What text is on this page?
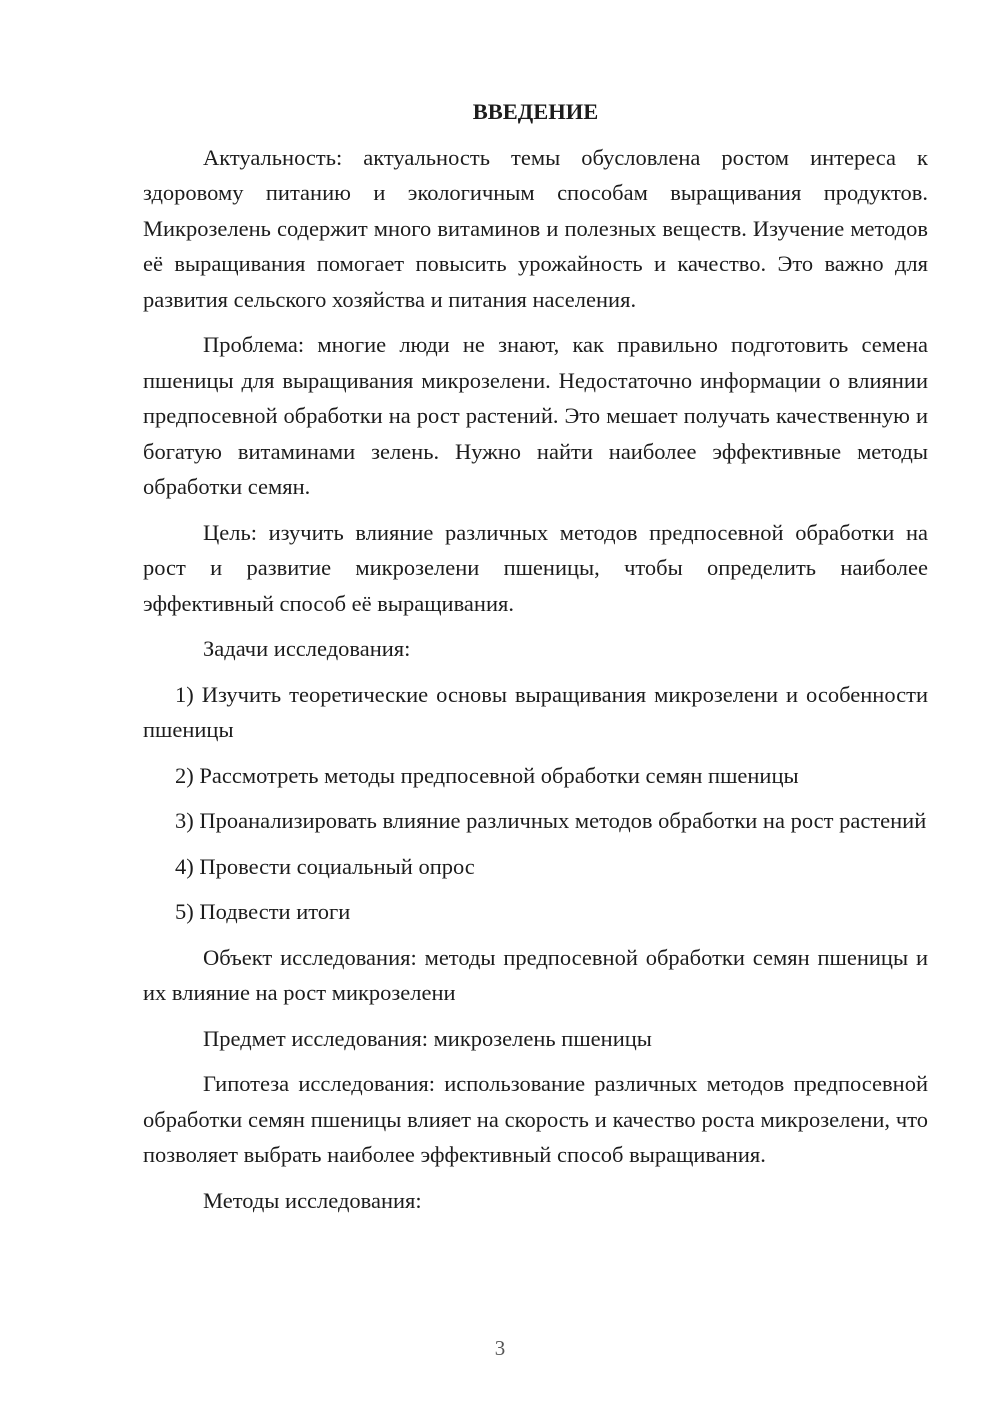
ВВЕДЕНИЕ

Актуальность: актуальность темы обусловлена ростом интереса к здоровому питанию и экологичным способам выращивания продуктов. Микрозелень содержит много витаминов и полезных веществ. Изучение методов её выращивания помогает повысить урожайность и качество. Это важно для развития сельского хозяйства и питания населения.

Проблема: многие люди не знают, как правильно подготовить семена пшеницы для выращивания микрозелени. Недостаточно информации о влиянии предпосевной обработки на рост растений. Это мешает получать качественную и богатую витаминами зелень. Нужно найти наиболее эффективные методы обработки семян.

Цель: изучить влияние различных методов предпосевной обработки на рост и развитие микрозелени пшеницы, чтобы определить наиболее эффективный способ её выращивания.

Задачи исследования:

1) Изучить теоретические основы выращивания микрозелени и особенности пшеницы

2) Рассмотреть методы предпосевной обработки семян пшеницы

3) Проанализировать влияние различных методов обработки на рост растений

4) Провести социальный опрос

5) Подвести итоги

Объект исследования: методы предпосевной обработки семян пшеницы и их влияние на рост микрозелени

Предмет исследования: микрозелень пшеницы

Гипотеза исследования: использование различных методов предпосевной обработки семян пшеницы влияет на скорость и качество роста микрозелени, что позволяет выбрать наиболее эффективный способ выращивания.

Методы исследования:

3
